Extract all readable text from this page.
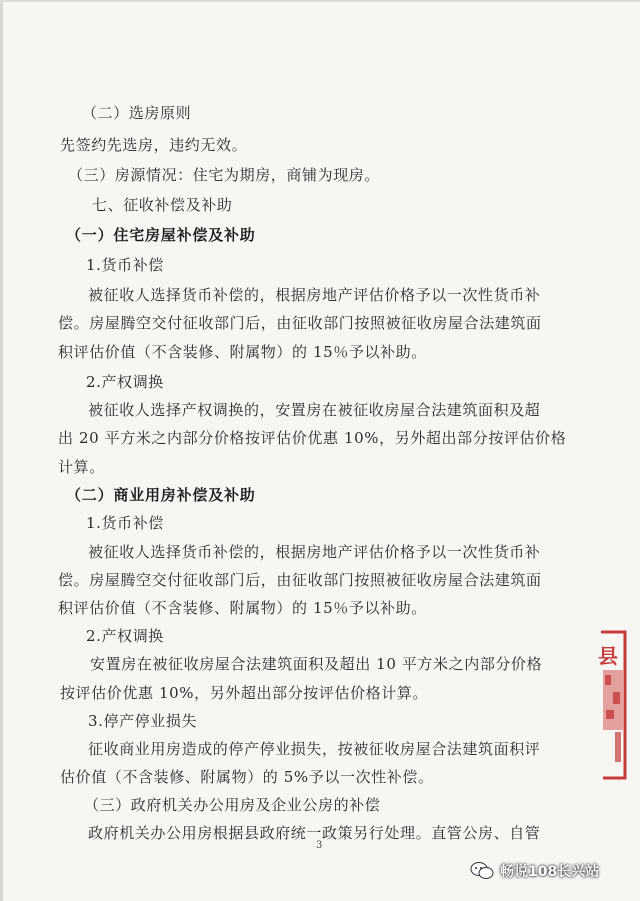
（二）选房原则
先签约先选房，违约无效。
（三）房源情况：住宅为期房，商铺为现房。
七、征收补偿及补助
（一）住宅房屋补偿及补助
1.货币补偿
被征收人选择货币补偿的，根据房地产评估价格予以一次性货币补
偿。房屋腾空交付征收部门后，由征收部门按照被征收房屋合法建筑面
积评估价值（不含装修、附属物）的 15％予以补助。
2.产权调换
被征收人选择产权调换的，安置房在被征收房屋合法建筑面积及超
出 20 平方米之内部分价格按评估价优惠 10%，另外超出部分按评估价格
计算。
（二）商业用房补偿及补助
1.货币补偿
被征收人选择货币补偿的，根据房地产评估价格予以一次性货币补
偿。房屋腾空交付征收部门后，由征收部门按照被征收房屋合法建筑面
积评估价值（不含装修、附属物）的 15％予以补助。
2.产权调换
安置房在被征收房屋合法建筑面积及超出 10 平方米之内部分价格
按评估价优惠 10%，另外超出部分按评估价格计算。
3.停产停业损失
征收商业用房造成的停产停业损失，按被征收房屋合法建筑面积评
估价值（不含装修、附属物）的 5%予以一次性补偿。
（三）政府机关办公用房及企业公房的补偿
政府机关办公用房根据县政府统一政策另行处理。直管公房、自管
3
县
畅说108长兴站
